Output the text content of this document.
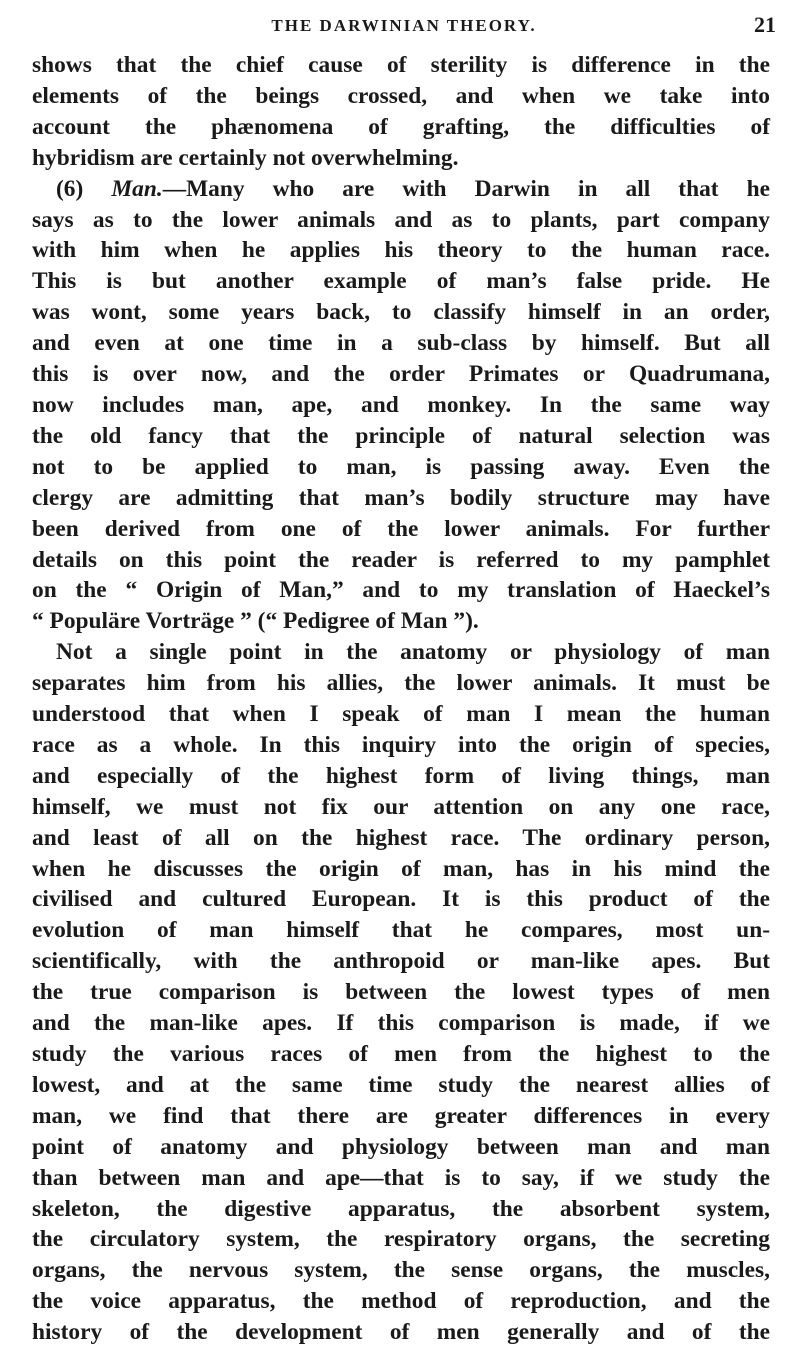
THE DARWINIAN THEORY.	21
shows that the chief cause of sterility is difference in the
elements of the beings crossed, and when we take into
account the phænomena of grafting, the difficulties of
hybridism are certainly not overwhelming.
(6) Man.—Many who are with Darwin in all that he
says as to the lower animals and as to plants, part company
with him when he applies his theory to the human race.
This is but another example of man’s false pride. He
was wont, some years back, to classify himself in an order,
and even at one time in a sub-class by himself. But all
this is over now, and the order Primates or Quadrumana,
now includes man, ape, and monkey. In the same way
the old fancy that the principle of natural selection was
not to be applied to man, is passing away. Even the
clergy are admitting that man’s bodily structure may have
been derived from one of the lower animals. For further
details on this point the reader is referred to my pamphlet
on the “ Origin of Man,” and to my translation of Haeckel’s
“ Populäre Vorträge ” (“ Pedigree of Man ”).
Not a single point in the anatomy or physiology of man
separates him from his allies, the lower animals. It must be
understood that when I speak of man I mean the human
race as a whole. In this inquiry into the origin of species,
and especially of the highest form of living things, man
himself, we must not fix our attention on any one race,
and least of all on the highest race. The ordinary person,
when he discusses the origin of man, has in his mind the
civilised and cultured European. It is this product of the
evolution of man himself that he compares, most un-
scientifically, with the anthropoid or man-like apes. But
the true comparison is between the lowest types of men
and the man-like apes. If this comparison is made, if we
study the various races of men from the highest to the
lowest, and at the same time study the nearest allies of
man, we find that there are greater differences in every
point of anatomy and physiology between man and man
than between man and ape—that is to say, if we study the
skeleton, the digestive apparatus, the absorbent system,
the circulatory system, the respiratory organs, the secreting
organs, the nervous system, the sense organs, the muscles,
the voice apparatus, the method of reproduction, and the
history of the development of men generally and of the
